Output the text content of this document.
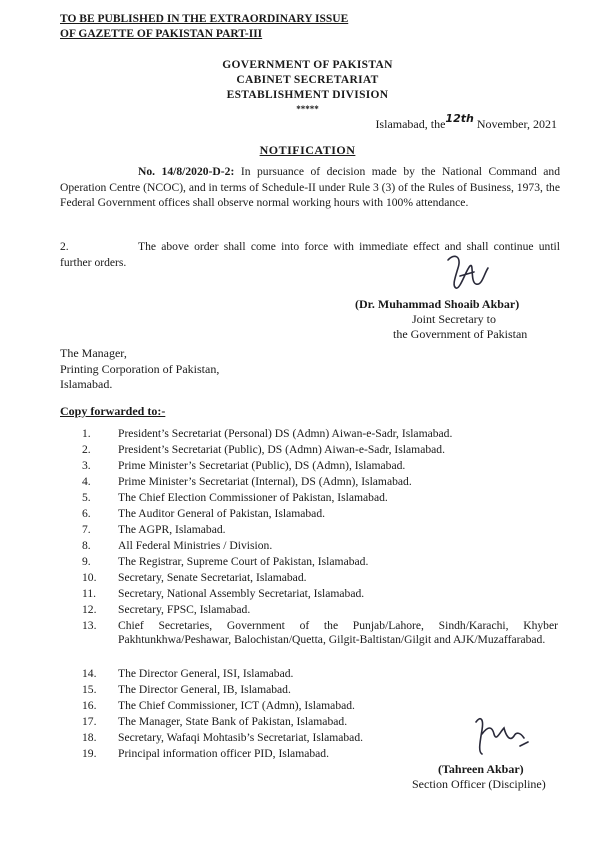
TO BE PUBLISHED IN THE EXTRAORDINARY ISSUE
OF GAZETTE OF PAKISTAN PART-III
GOVERNMENT OF PAKISTAN
CABINET SECRETARIAT
ESTABLISHMENT DIVISION
*****
Islamabad, the12th November, 2021
NOTIFICATION
No. 14/8/2020-D-2: In pursuance of decision made by the National Command and Operation Centre (NCOC), and in terms of Schedule-II under Rule 3 (3) of the Rules of Business, 1973, the Federal Government offices shall observe normal working hours with 100% attendance.
2.	The above order shall come into force with immediate effect and shall continue until further orders.
(Dr. Muhammad Shoaib Akbar)
Joint Secretary to
the Government of Pakistan
The Manager,
Printing Corporation of Pakistan,
Islamabad.
Copy forwarded to:-
1. President’s Secretariat (Personal) DS (Admn) Aiwan-e-Sadr, Islamabad.
2. President’s Secretariat (Public), DS (Admn) Aiwan-e-Sadr, Islamabad.
3. Prime Minister’s Secretariat (Public), DS (Admn), Islamabad.
4. Prime Minister’s Secretariat (Internal), DS (Admn), Islamabad.
5. The Chief Election Commissioner of Pakistan, Islamabad.
6. The Auditor General of Pakistan, Islamabad.
7. The AGPR, Islamabad.
8. All Federal Ministries / Division.
9. The Registrar, Supreme Court of Pakistan, Islamabad.
10. Secretary, Senate Secretariat, Islamabad.
11. Secretary, National Assembly Secretariat, Islamabad.
12. Secretary, FPSC, Islamabad.
13. Chief Secretaries, Government of the Punjab/Lahore, Sindh/Karachi, Khyber Pakhtunkhwa/Peshawar, Balochistan/Quetta, Gilgit-Baltistan/Gilgit and AJK/Muzaffarabad.
14. The Director General, ISI, Islamabad.
15. The Director General, IB, Islamabad.
16. The Chief Commissioner, ICT (Admn), Islamabad.
17. The Manager, State Bank of Pakistan, Islamabad.
18. Secretary, Wafaqi Mohtasib’s Secretariat, Islamabad.
19. Principal information officer PID, Islamabad.
(Tahreen Akbar)
Section Officer (Discipline)
